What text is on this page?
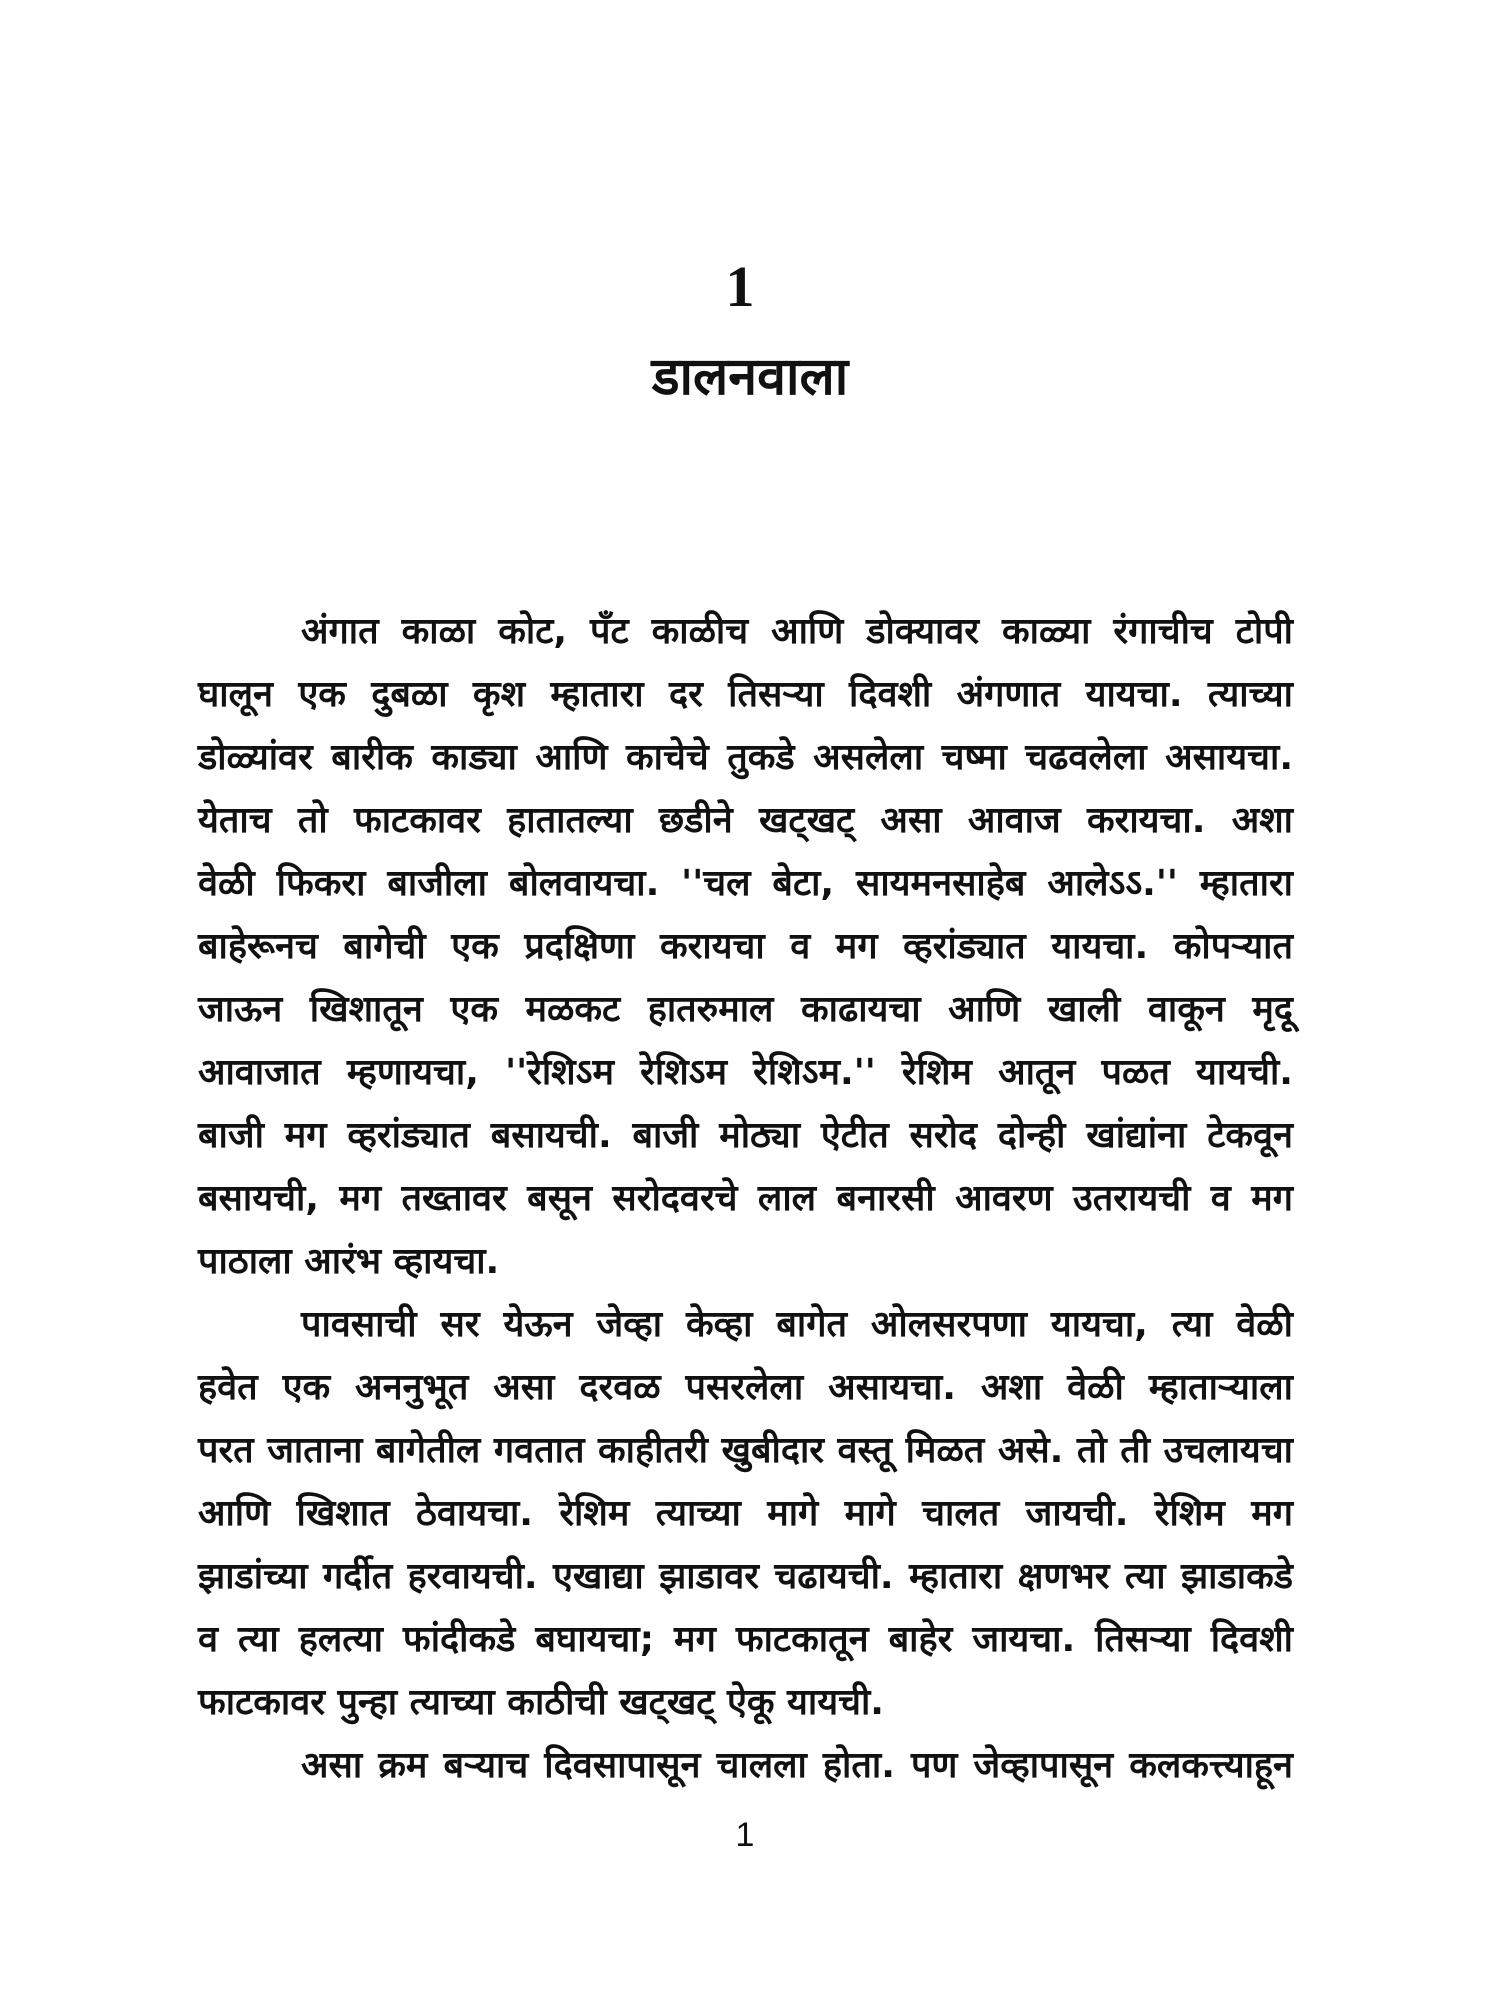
1
डालनवाला
अंगात काळा कोट, पँट काळीच आणि डोक्यावर काळ्या रंगाचीच टोपी
घालून एक दुबळा कृश म्हातारा दर तिसऱ्या दिवशी अंगणात यायचा. त्याच्या
डोळ्यांवर बारीक काड्या आणि काचेचे तुकडे असलेला चष्मा चढवलेला असायचा.
येताच तो फाटकावर हातातल्या छडीने खट्खट् असा आवाज करायचा. अशा
वेळी फिकरा बाजीला बोलवायचा. ''चल बेटा, सायमनसाहेब आलेऽऽ.'' म्हातारा
बाहेरूनच बागेची एक प्रदक्षिणा करायचा व मग व्हरांड्यात यायचा. कोपऱ्यात
जाऊन खिशातून एक मळकट हातरुमाल काढायचा आणि खाली वाकून मृदू
आवाजात म्हणायचा, ''रेशिऽम रेशिऽम रेशिऽम.'' रेशिम आतून पळत यायची.
बाजी मग व्हरांड्यात बसायची. बाजी मोठ्या ऐटीत सरोद दोन्ही खांद्यांना टेकवून
बसायची, मग तख्तावर बसून सरोदवरचे लाल बनारसी आवरण उतरायची व मग
पाठाला आरंभ व्हायचा.
पावसाची सर येऊन जेव्हा केव्हा बागेत ओलसरपणा यायचा, त्या वेळी
हवेत एक अननुभूत असा दरवळ पसरलेला असायचा. अशा वेळी म्हाताऱ्याला
परत जाताना बागेतील गवतात काहीतरी खुबीदार वस्तू मिळत असे. तो ती उचलायचा
आणि खिशात ठेवायचा. रेशिम त्याच्या मागे मागे चालत जायची. रेशिम मग
झाडांच्या गर्दीत हरवायची. एखाद्या झाडावर चढायची. म्हातारा क्षणभर त्या झाडाकडे
व त्या हलत्या फांदीकडे बघायचा; मग फाटकातून बाहेर जायचा. तिसऱ्या दिवशी
फाटकावर पुन्हा त्याच्या काठीची खट्खट् ऐकू यायची.
असा क्रम बऱ्याच दिवसापासून चालला होता. पण जेव्हापासून कलकत्त्याहून
1
